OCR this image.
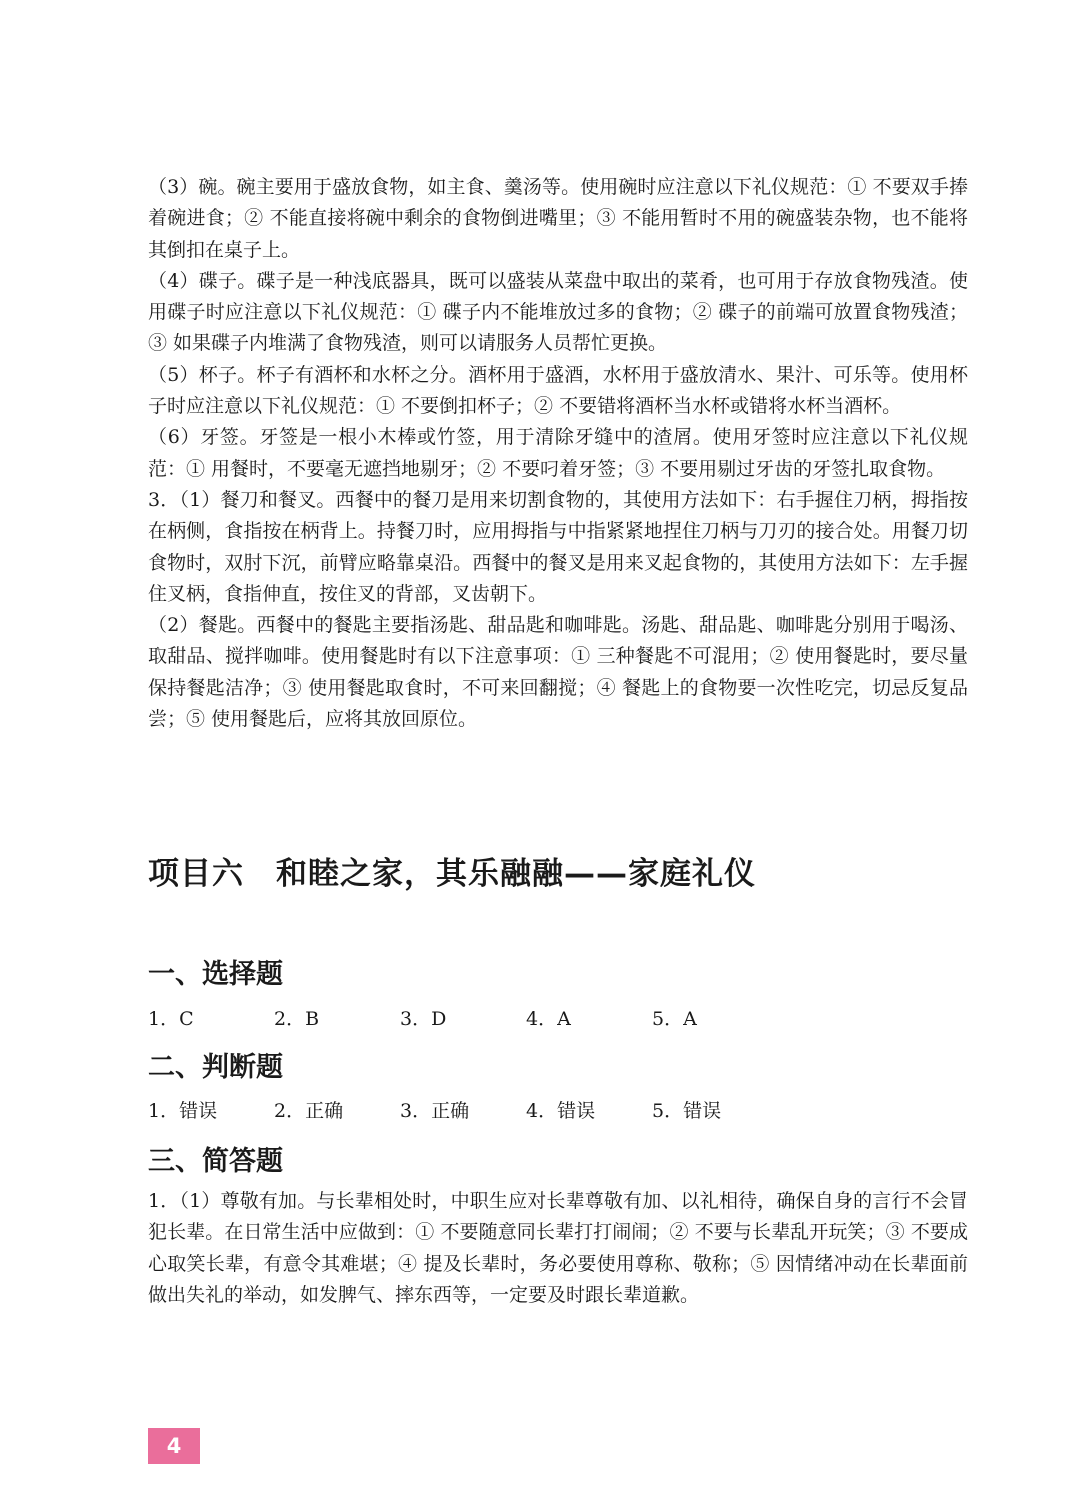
（3）碗。碗主要用于盛放食物，如主食、羹汤等。使用碗时应注意以下礼仪规范：① 不要双手捧着碗进食；② 不能直接将碗中剩余的食物倒进嘴里；③ 不能用暂时不用的碗盛装杂物，也不能将其倒扣在桌子上。

（4）碟子。碟子是一种浅底器具，既可以盛装从菜盘中取出的菜肴，也可用于存放食物残渣。使用碟子时应注意以下礼仪规范：① 碟子内不能堆放过多的食物；② 碟子的前端可放置食物残渣；③ 如果碟子内堆满了食物残渣，则可以请服务人员帮忙更换。

（5）杯子。杯子有酒杯和水杯之分。酒杯用于盛酒，水杯用于盛放清水、果汁、可乐等。使用杯子时应注意以下礼仪规范：① 不要倒扣杯子；② 不要错将酒杯当水杯或错将水杯当酒杯。

（6）牙签。牙签是一根小木棒或竹签，用于清除牙缝中的渣屑。使用牙签时应注意以下礼仪规范：① 用餐时，不要毫无遮挡地剔牙；② 不要叼着牙签；③ 不要用剔过牙齿的牙签扎取食物。

3．（1）餐刀和餐叉。西餐中的餐刀是用来切割食物的，其使用方法如下：右手握住刀柄，拇指按在柄侧，食指按在柄背上。持餐刀时，应用拇指与中指紧紧地捏住刀柄与刀刃的接合处。用餐刀切食物时，双肘下沉，前臂应略靠桌沿。西餐中的餐叉是用来叉起食物的，其使用方法如下：左手握住叉柄，食指伸直，按住叉的背部，叉齿朝下。

（2）餐匙。西餐中的餐匙主要指汤匙、甜品匙和咖啡匙。汤匙、甜品匙、咖啡匙分别用于喝汤、取甜品、搅拌咖啡。使用餐匙时有以下注意事项：① 三种餐匙不可混用；② 使用餐匙时，要尽量保持餐匙洁净；③ 使用餐匙取食时，不可来回翻搅；④ 餐匙上的食物要一次性吃完，切忌反复品尝；⑤ 使用餐匙后，应将其放回原位。

项目六　和睦之家，其乐融融——家庭礼仪
一、选择题
1．C	2．B	3．D	4．A	5．A
二、判断题
1．错误	2．正确	3．正确	4．错误	5．错误
三、简答题

1．（1）尊敬有加。与长辈相处时，中职生应对长辈尊敬有加、以礼相待，确保自身的言行不会冒犯长辈。在日常生活中应做到：① 不要随意同长辈打打闹闹；② 不要与长辈乱开玩笑；③ 不要成心取笑长辈，有意令其难堪；④ 提及长辈时，务必要使用尊称、敬称；⑤ 因情绪冲动在长辈面前做出失礼的举动，如发脾气、摔东西等，一定要及时跟长辈道歉。

4
